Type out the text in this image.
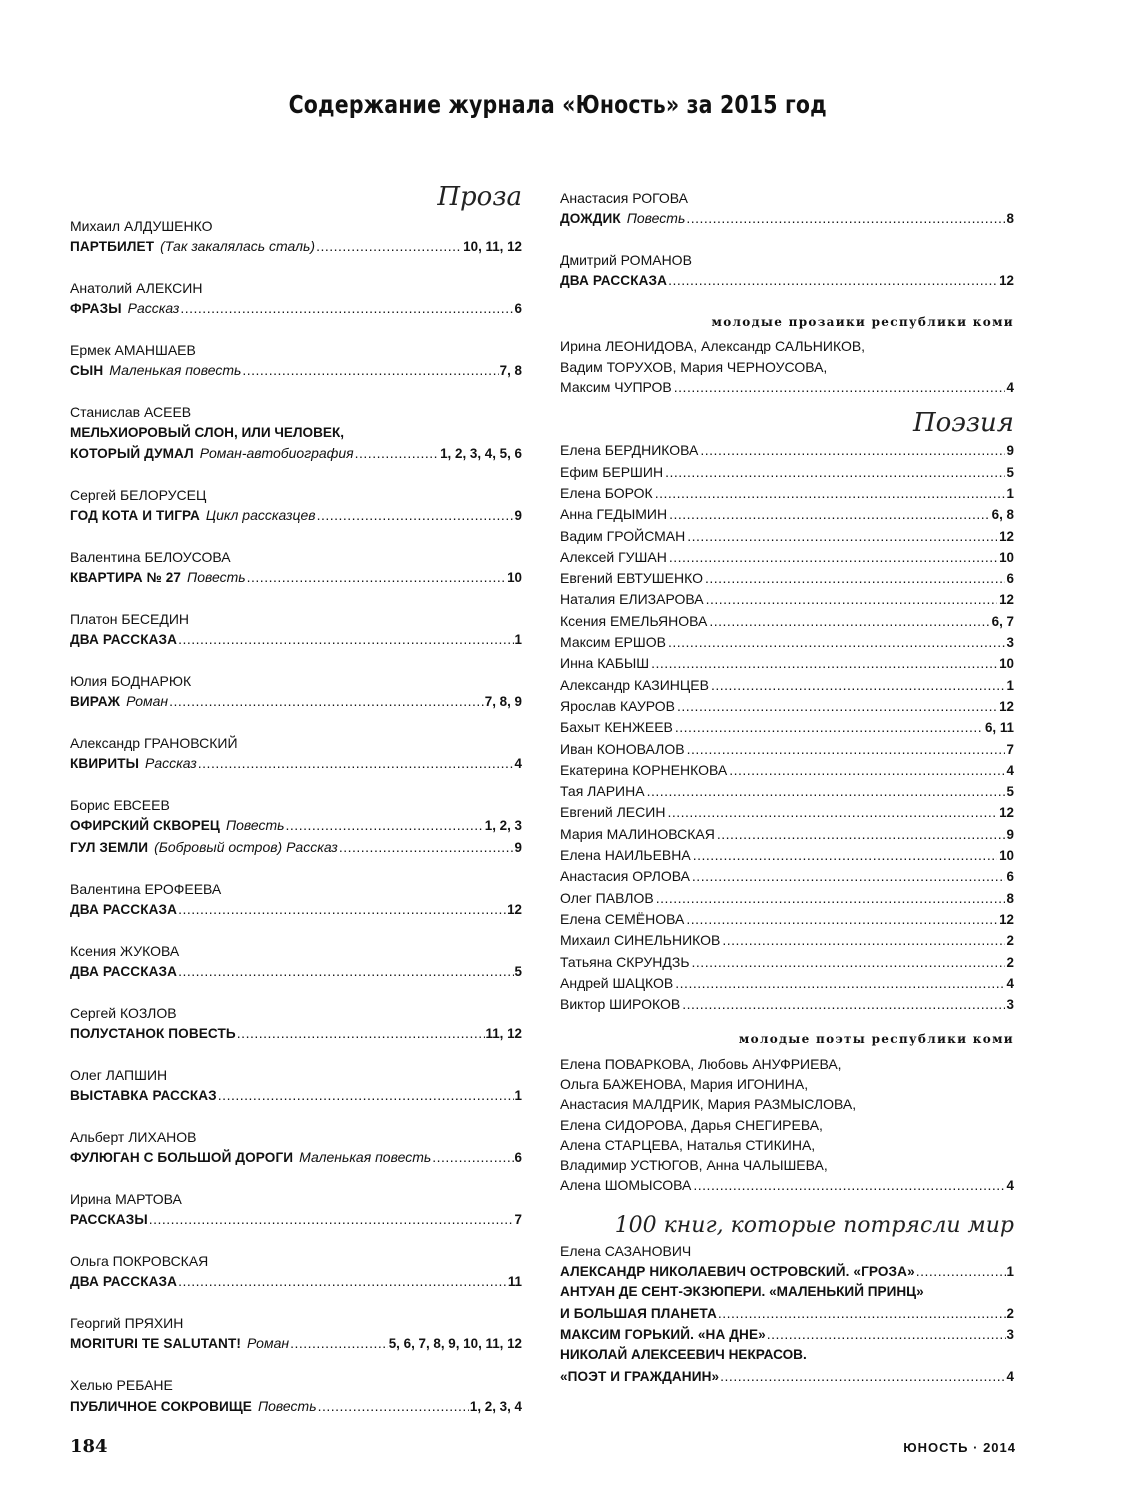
Содержание журнала «Юность» за 2015 год
Проза
Михаил АЛДУШЕНКО
ПАРТБИЛЕТ (Так закалялась сталь) .....	10, 11, 12
Анатолий АЛЕКСИН
ФРАЗЫ Рассказ .....	6
Ермек АМАНШАЕВ
СЫН Маленькая повесть .....	7, 8
Станислав АСЕЕВ
МЕЛЬХИОРОВЫЙ СЛОН, ИЛИ ЧЕЛОВЕК,
КОТОРЫЙ ДУМАЛ Роман-автобиография .....	1, 2, 3, 4, 5, 6
Сергей БЕЛОРУСЕЦ
ГОД КОТА И ТИГРА Цикл рассказцев .....	9
Валентина БЕЛОУСОВА
КВАРТИРА № 27 Повесть .....	10
Платон БЕСЕДИН
ДВА РАССКАЗА .....	1
Юлия БОДНАРЮК
ВИРАЖ Роман .....	7, 8, 9
Александр ГРАНОВСКИЙ
КВИРИТЫ Рассказ .....	4
Борис ЕВСЕЕВ
ОФИРСКИЙ СКВОРЕЦ Повесть .....	1, 2, 3
ГУЛ ЗЕМЛИ (Бобровый остров) Рассказ .....	9
Валентина ЕРОФЕЕВА
ДВА РАССКАЗА .....	12
Ксения ЖУКОВА
ДВА РАССКАЗА .....	5
Сергей КОЗЛОВ
ПОЛУСТАНОК ПОВЕСТЬ .....	11, 12
Олег ЛАПШИН
ВЫСТАВКА РАССКАЗ .....	1
Альберт ЛИХАНОВ
ФУЛЮГАН С БОЛЬШОЙ ДОРОГИ Маленькая повесть .....	6
Ирина МАРТОВА
РАССКАЗЫ .....	7
Ольга ПОКРОВСКАЯ
ДВА РАССКАЗА .....	11
Георгий ПРЯХИН
MORITURI TE SALUTANT! Роман .....	5, 6, 7, 8, 9, 10, 11, 12
Хелью РЕБАНЕ
ПУБЛИЧНОЕ СОКРОВИЩЕ Повесть .....	1, 2, 3, 4
Анастасия РОГОВА
ДОЖДИК Повесть .....	8
Дмитрий РОМАНОВ
ДВА РАССКАЗА .....	12
молодые прозаики республики коми
Ирина ЛЕОНИДОВА, Александр САЛЬНИКОВ,
Вадим ТОРУХОВ, Мария ЧЕРНОУСОВА,
Максим ЧУПРОВ .....	4
Поэзия
Елена БЕРДНИКОВА .....	9
Ефим БЕРШИН .....	5
Елена БОРОК .....	1
Анна ГЕДЫМИН .....	6, 8
Вадим ГРОЙСМАН .....	12
Алексей ГУШАН .....	10
Евгений ЕВТУШЕНКО .....	6
Наталия ЕЛИЗАРОВА .....	12
Ксения ЕМЕЛЬЯНОВА .....	6, 7
Максим ЕРШОВ .....	3
Инна КАБЫШ .....	10
Александр КАЗИНЦЕВ .....	1
Ярослав КАУРОВ .....	12
Бахыт КЕНЖЕЕВ .....	6, 11
Иван КОНОВАЛОВ .....	7
Екатерина КОРНЕНКОВА .....	4
Тая ЛАРИНА .....	5
Евгений ЛЕСИН .....	12
Мария МАЛИНОВСКАЯ .....	9
Елена НАИЛЬЕВНА .....	10
Анастасия ОРЛОВА .....	6
Олег ПАВЛОВ .....	8
Елена СЕМЁНОВА .....	12
Михаил СИНЕЛЬНИКОВ .....	2
Татьяна СКРУНДЗЬ .....	2
Андрей ШАЦКОВ .....	4
Виктор ШИРОКОВ .....	3
молодые поэты республики коми
Елена ПОВАРКОВА, Любовь АНУФРИЕВА,
Ольга БАЖЕНОВА, Мария ИГОНИНА,
Анастасия МАЛДРИК, Мария РАЗМЫСЛОВА,
Елена СИДОРОВА, Дарья СНЕГИРЕВА,
Алена СТАРЦЕВА, Наталья СТИКИНА,
Владимир УСТЮГОВ, Анна ЧАЛЫШЕВА,
Алена ШОМЫСОВА .....	4
100 книг, которые потрясли мир
Елена САЗАНОВИЧ
АЛЕКСАНДР НИКОЛАЕВИЧ ОСТРОВСКИЙ. «ГРОЗА» .....	1
АНТУАН ДЕ СЕНТ-ЭКЗЮПЕРИ. «МАЛЕНЬКИЙ ПРИНЦ»
И БОЛЬШАЯ ПЛАНЕТА .....	2
МАКСИМ ГОРЬКИЙ. «НА ДНЕ» .....	3
НИКОЛАЙ АЛЕКСЕЕВИЧ НЕКРАСОВ.
«ПОЭТ И ГРАЖДАНИН» .....	4
184	ЮНОСТЬ · 2014
